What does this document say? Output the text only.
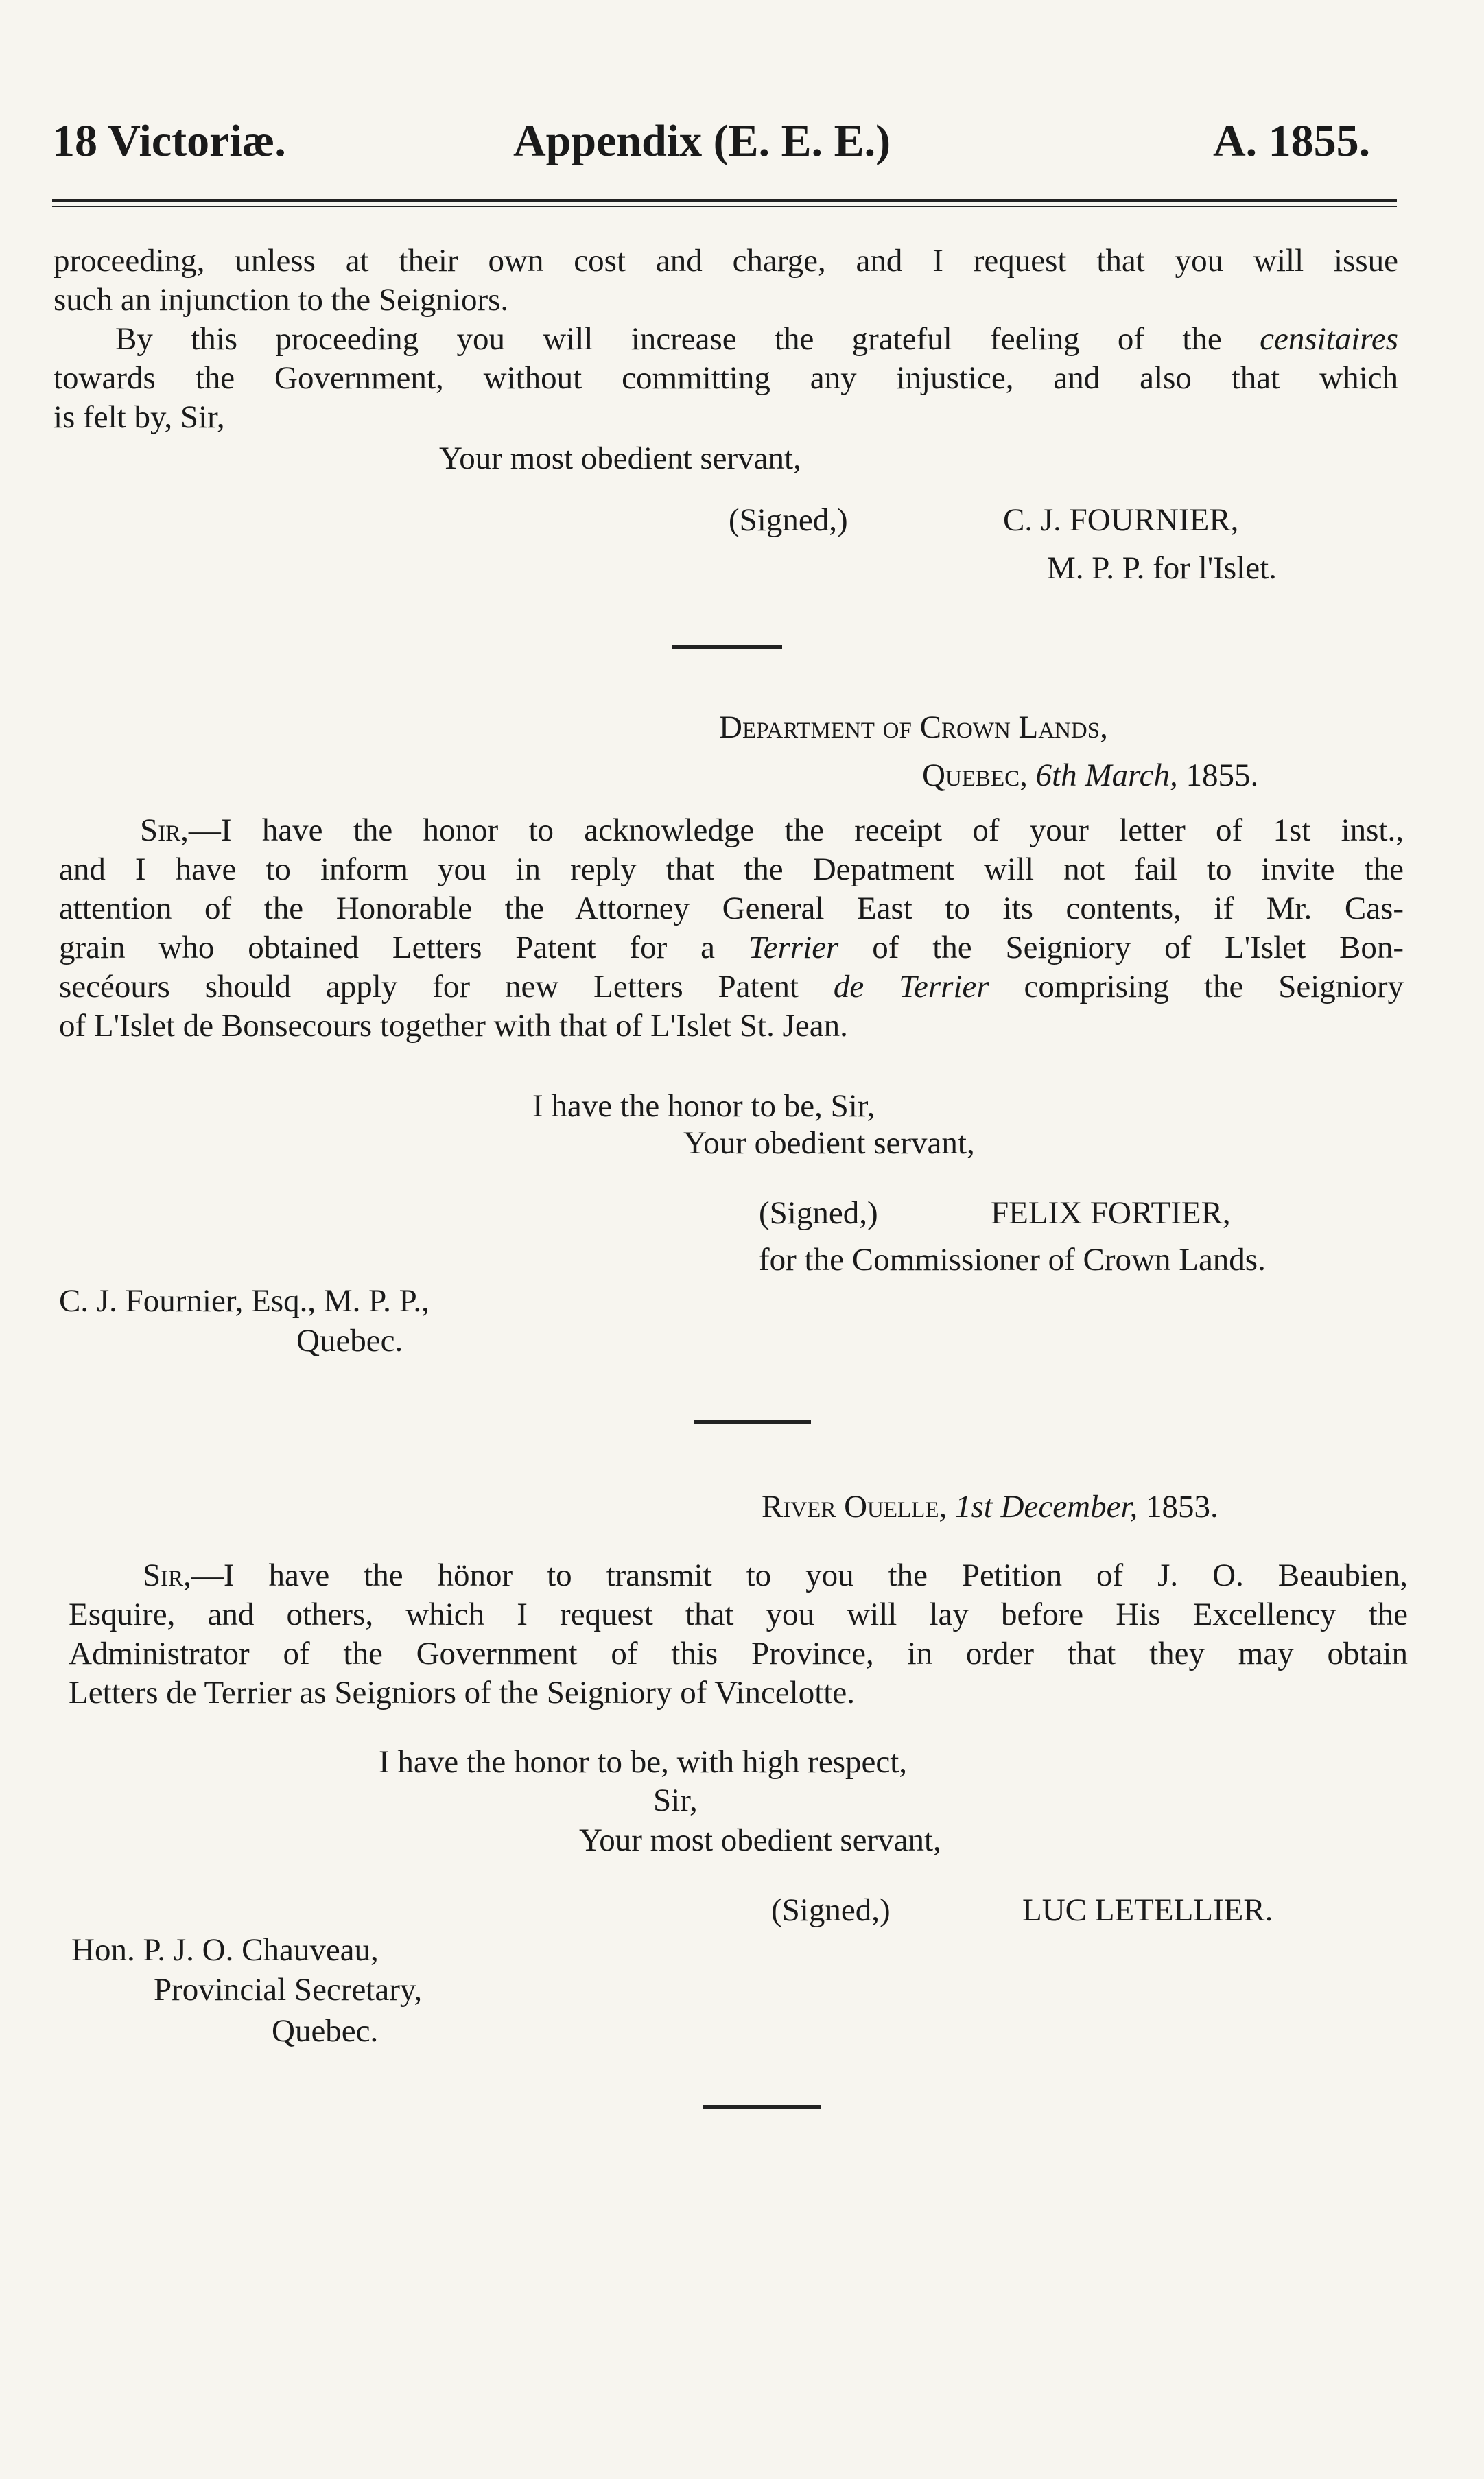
18 Victoriæ.	Appendix (E. E. E.)	A. 1855.
proceeding, unless at their own cost and charge, and I request that you will issue
such an injunction to the Seigniors.
By this proceeding you will increase the grateful feeling of the censitaires
towards the Government, without committing any injustice, and also that which
is felt by, Sir,
Your most obedient servant,
(Signed,)	C. J. FOURNIER,
M. P. P. for l'Islet.
Department of Crown Lands,
Quebec, 6th March, 1855.
Sir,—I have the honor to acknowledge the receipt of your letter of 1st inst.,
and I have to inform you in reply that the Depatment will not fail to invite the
attention of the Honorable the Attorney General East to its contents, if Mr. Cas-
grain who obtained Letters Patent for a Terrier of the Seigniory of L'Islet Bon-
secéours should apply for new Letters Patent de Terrier comprising the Seigniory
of L'Islet de Bonsecours together with that of L'Islet St. Jean.
I have the honor to be, Sir,
Your obedient servant,
(Signed,)	FELIX FORTIER,
for the Commissioner of Crown Lands.
C. J. Fournier, Esq., M. P. P.,
Quebec.
River Ouelle, 1st December, 1853.
Sir,—I have the hönor to transmit to you the Petition of J. O. Beaubien,
Esquire, and others, which I request that you will lay before His Excellency the
Administrator of the Government of this Province, in order that they may obtain
Letters de Terrier as Seigniors of the Seigniory of Vincelotte.
I have the honor to be, with high respect,
Sir,
Your most obedient servant,
(Signed,)	LUC LETELLIER.
Hon. P. J. O. Chauveau,
Provincial Secretary,
Quebec.
